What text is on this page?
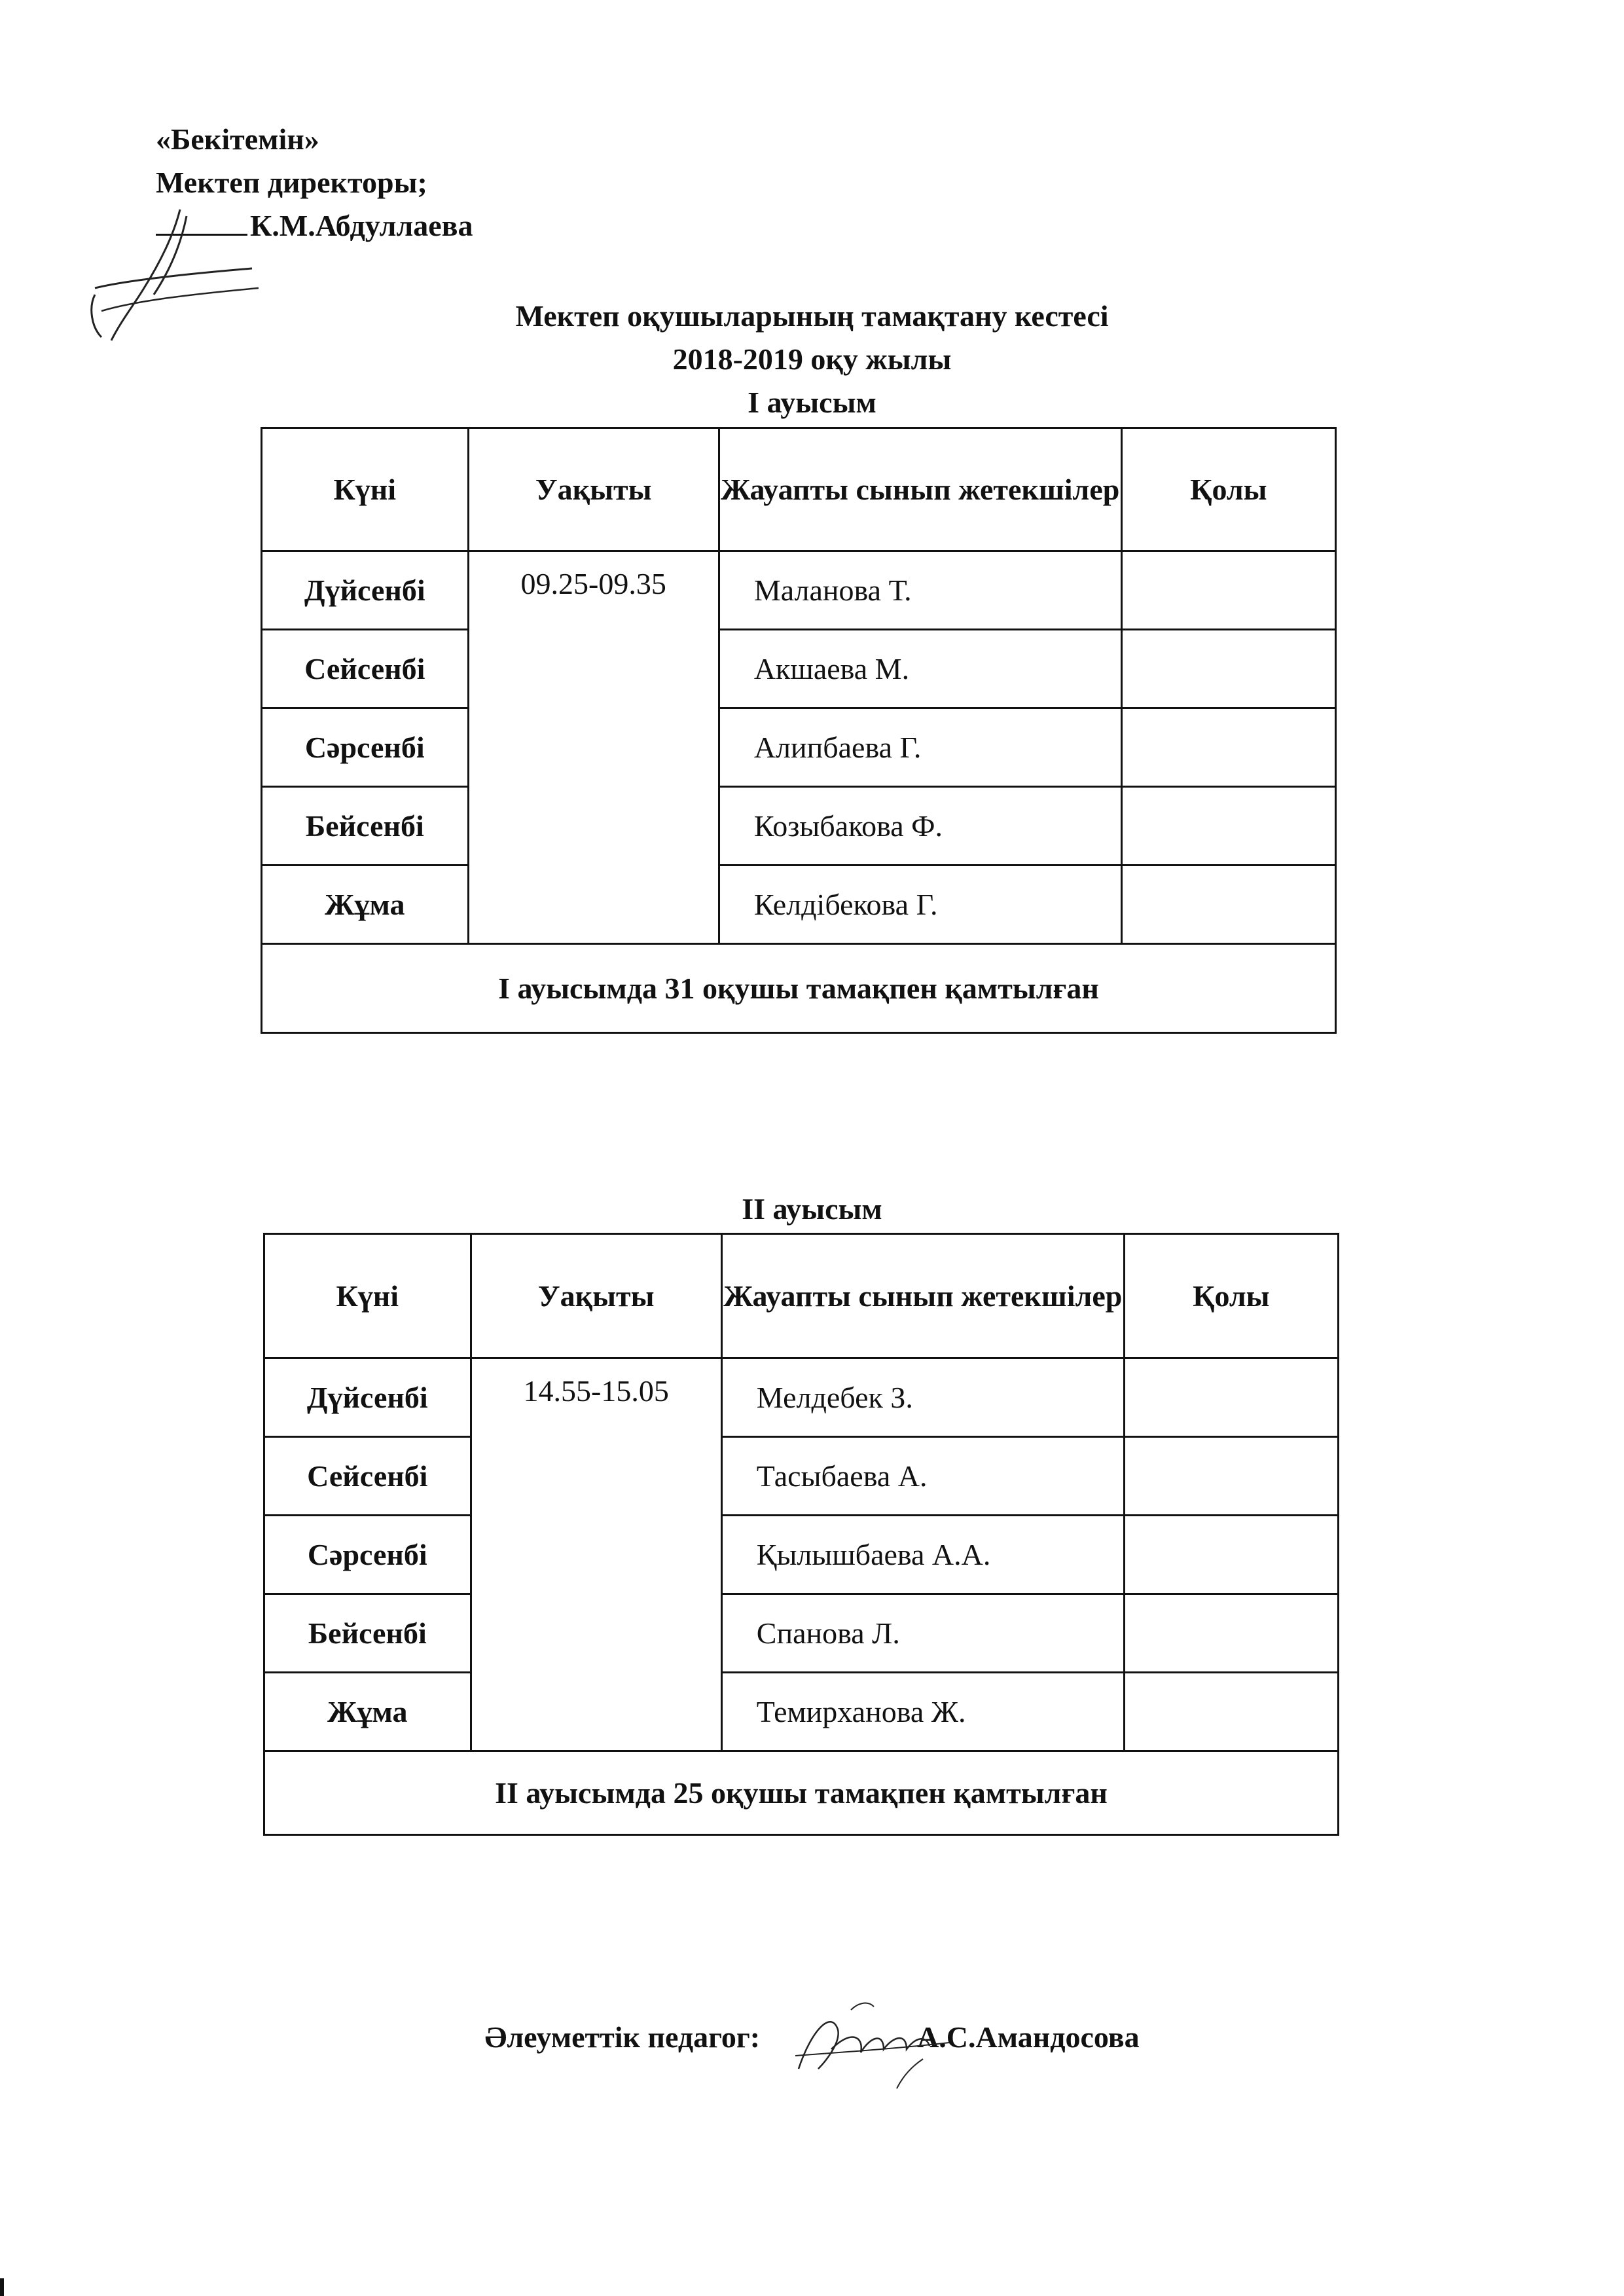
«Бекітемін»
Мектеп директоры;
К.М.Абдуллаева
Мектеп оқушыларының тамақтану кестесі
2018-2019 оқу жылы
І ауысым
Күні	Уақыты	Жауапты сынып жетекшілер	Қолы
Дүйсенбі	09.25-09.35	Маланова Т.	
Сейсенбі		Акшаева М.	
Сәрсенбі		Алипбаева Г.	
Бейсенбі		Козыбакова Ф.	
Жұма		Келдібекова Г.	
І ауысымда 31 оқушы тамақпен қамтылған			
ІІ ауысым
Күні	Уақыты	Жауапты сынып жетекшілер	Қолы
Дүйсенбі	14.55-15.05	Мелдебек З.	
Сейсенбі		Тасыбаева А.	
Сәрсенбі		Қылышбаева А.А.	
Бейсенбі		Спанова Л.	
Жұма		Темирханова Ж.	
ІІ ауысымда 25 оқушы тамақпен қамтылған			
Әлеуметтік педагог:	А.С.Амандосова
